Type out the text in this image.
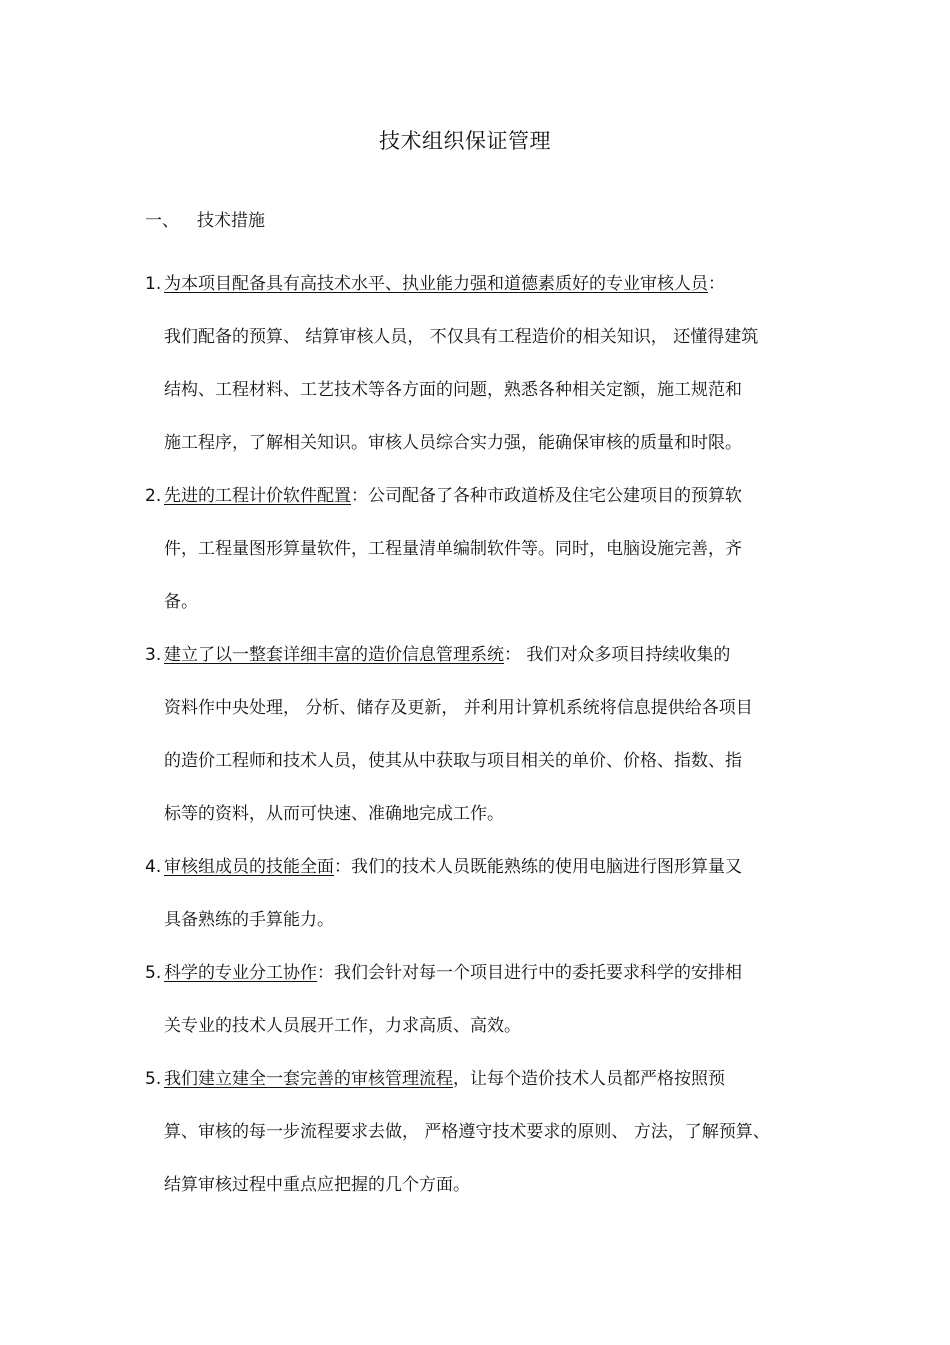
技术组织保证管理
一、 技术措施
1. 为本项目配备具有高技术水平、执业能力强和道德素质好的专业审核人员：
我们配备的预算、 结算审核人员， 不仅具有工程造价的相关知识， 还懂得建筑
结构、工程材料、工艺技术等各方面的问题，熟悉各种相关定额，施工规范和
施工程序，了解相关知识。审核人员综合实力强，能确保审核的质量和时限。
2. 先进的工程计价软件配置：公司配备了各种市政道桥及住宅公建项目的预算软
件，工程量图形算量软件，工程量清单编制软件等。同时，电脑设施完善，齐
备。
3. 建立了以一整套详细丰富的造价信息管理系统： 我们对众多项目持续收集的
资料作中央处理， 分析、储存及更新， 并利用计算机系统将信息提供给各项目
的造价工程师和技术人员，使其从中获取与项目相关的单价、价格、指数、指
标等的资料，从而可快速、准确地完成工作。
4. 审核组成员的技能全面：我们的技术人员既能熟练的使用电脑进行图形算量又
具备熟练的手算能力。
5. 科学的专业分工协作：我们会针对每一个项目进行中的委托要求科学的安排相
关专业的技术人员展开工作，力求高质、高效。
5. 我们建立建全一套完善的审核管理流程，让每个造价技术人员都严格按照预
算、审核的每一步流程要求去做， 严格遵守技术要求的原则、 方法，了解预算、
结算审核过程中重点应把握的几个方面。
